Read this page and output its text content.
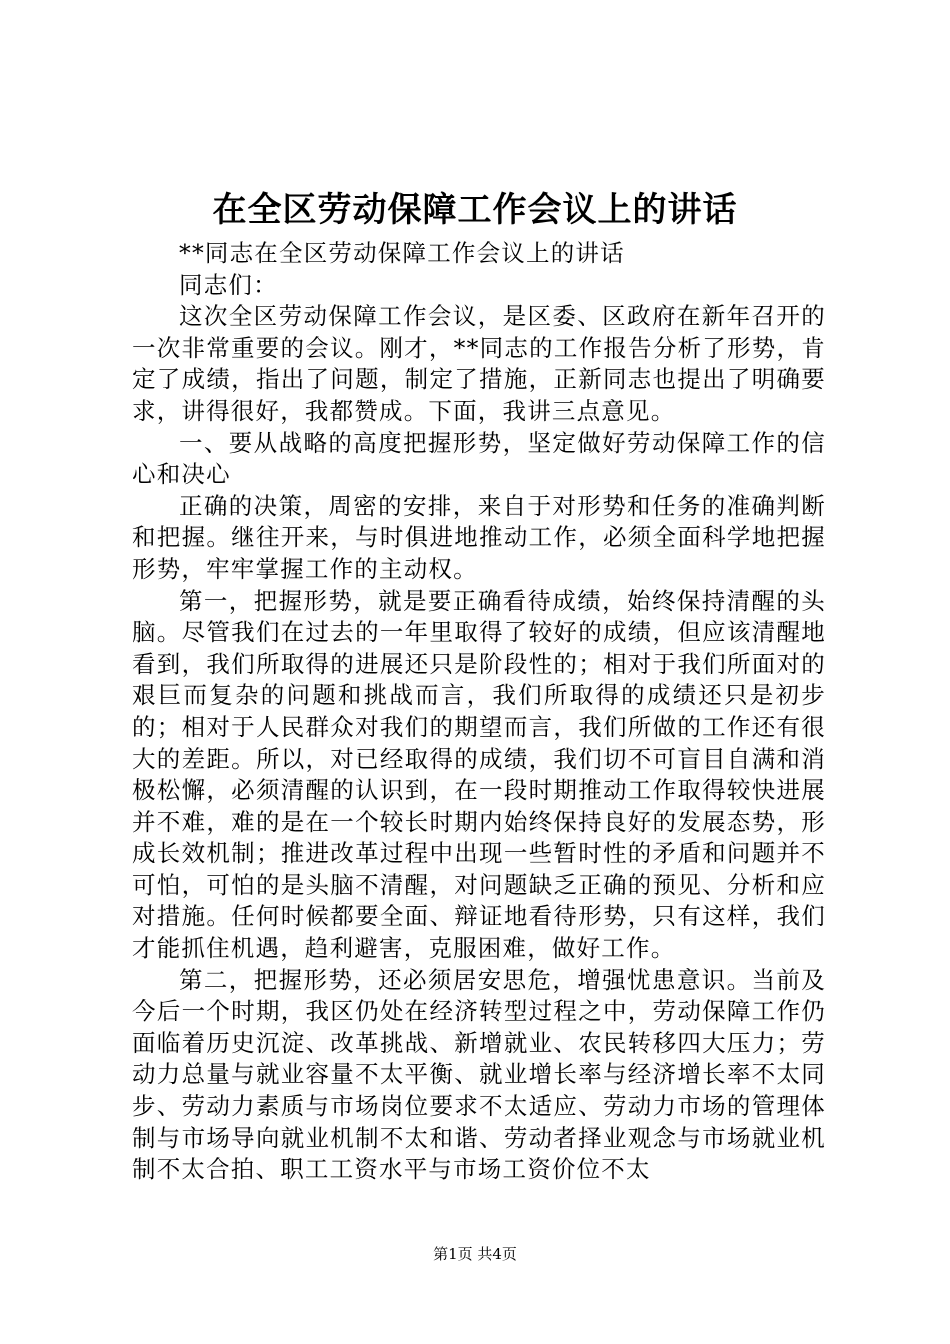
在全区劳动保障工作会议上的讲话

**同志在全区劳动保障工作会议上的讲话

同志们：

这次全区劳动保障工作会议，是区委、区政府在新年召开的一次非常重要的会议。刚才，**同志的工作报告分析了形势，肯定了成绩，指出了问题，制定了措施，正新同志也提出了明确要求，讲得很好，我都赞成。下面，我讲三点意见。

一、要从战略的高度把握形势，坚定做好劳动保障工作的信心和决心

正确的决策，周密的安排，来自于对形势和任务的准确判断和把握。继往开来，与时俱进地推动工作，必须全面科学地把握形势，牢牢掌握工作的主动权。

第一，把握形势，就是要正确看待成绩，始终保持清醒的头脑。尽管我们在过去的一年里取得了较好的成绩，但应该清醒地看到，我们所取得的进展还只是阶段性的；相对于我们所面对的艰巨而复杂的问题和挑战而言，我们所取得的成绩还只是初步的；相对于人民群众对我们的期望而言，我们所做的工作还有很大的差距。所以，对已经取得的成绩，我们切不可盲目自满和消极松懈，必须清醒的认识到，在一段时期推动工作取得较快进展并不难，难的是在一个较长时期内始终保持良好的发展态势，形成长效机制；推进改革过程中出现一些暂时性的矛盾和问题并不可怕，可怕的是头脑不清醒，对问题缺乏正确的预见、分析和应对措施。任何时候都要全面、辩证地看待形势，只有这样，我们才能抓住机遇，趋利避害，克服困难，做好工作。

第二，把握形势，还必须居安思危，增强忧患意识。当前及今后一个时期，我区仍处在经济转型过程之中，劳动保障工作仍面临着历史沉淀、改革挑战、新增就业、农民转移四大压力；劳动力总量与就业容量不太平衡、就业增长率与经济增长率不太同步、劳动力素质与市场岗位要求不太适应、劳动力市场的管理体制与市场导向就业机制不太和谐、劳动者择业观念与市场就业机制不太合拍、职工工资水平与市场工资价位不太

第1页 共4页
